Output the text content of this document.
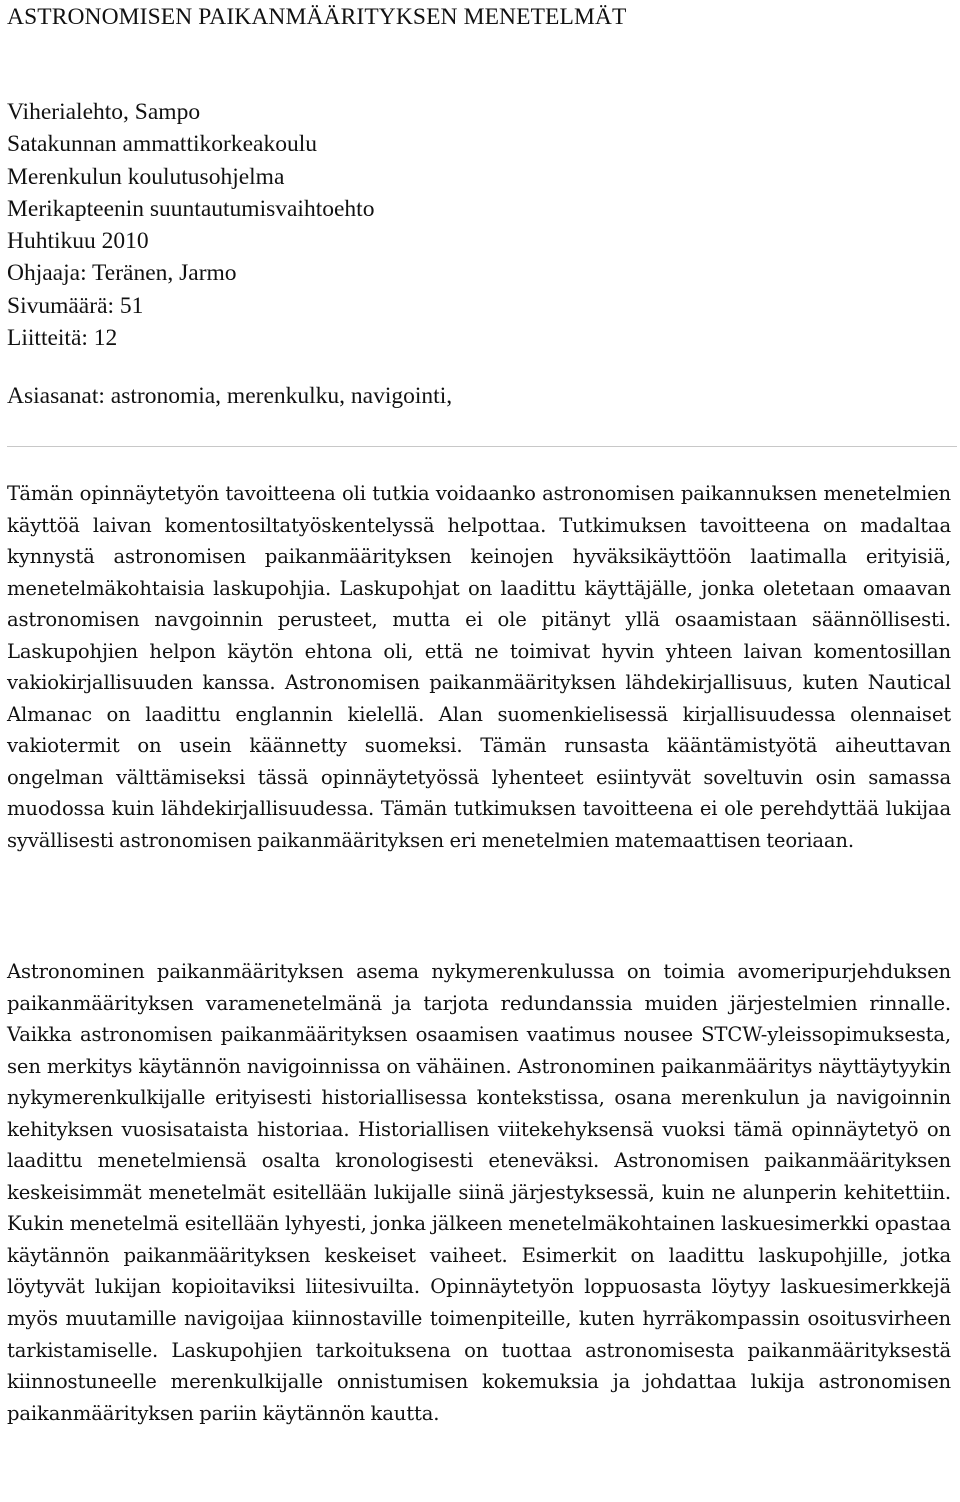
ASTRONOMISEN PAIKANMÄÄRITYKSEN MENETELMÄT
Viherialehto, Sampo
Satakunnan ammattikorkeakoulu
Merenkulun koulutusohjelma
Merikapteenin suuntautumisvaihtoehto
Huhtikuu 2010
Ohjaaja: Teränen, Jarmo
Sivumäärä: 51
Liitteitä: 12

Asiasanat: astronomia, merenkulku, navigointi,

Tämän opinnäytetyön tavoitteena oli tutkia voidaanko astronomisen paikannuksen menetelmien käyttöä laivan komentosiltatyöskentelyssä helpottaa. Tutkimuksen tavoitteena on madaltaa kynnystä astronomisen paikanmäärityksen keinojen hyväksikäyttöön laatimalla erityisiä, menetelmäkohtaisia laskupohjia. Laskupohjat on laadittu käyttäjälle, jonka oletetaan omaavan astronomisen navgoinnin perusteet, mutta ei ole pitänyt yllä osaamistaan säännöllisesti. Laskupohjien helpon käytön ehtona oli, että ne toimivat hyvin yhteen laivan komentosillan vakiokirjallisuuden kanssa. Astronomisen paikanmäärityksen lähdekirjallisuus, kuten Nautical Almanac on laadittu englannin kielellä. Alan suomenkielisessä kirjallisuudessa olennaiset vakiotermit on usein käännetty suomeksi. Tämän runsasta kääntämistyötä aiheuttavan ongelman välttämiseksi tässä opinnäytetyössä lyhenteet esiintyvät soveltuvin osin samassa muodossa kuin lähdekirjallisuudessa. Tämän tutkimuksen tavoitteena ei ole perehdyttää lukijaa syvällisesti astronomisen paikanmäärityksen eri menetelmien matemaattisen teoriaan.

Astronominen paikanmäärityksen asema nykymerenkulussa on toimia avomeripurjehduksen paikanmäärityksen varamenetelmänä ja tarjota redundanssia muiden järjestelmien rinnalle. Vaikka astronomisen paikanmäärityksen osaamisen vaatimus nousee STCW-yleissopimuksesta, sen merkitys käytännön navigoinnissa on vähäinen. Astronominen paikanmääritys näyttäytyykin nykymerenkulkijalle erityisesti historiallisessa kontekstissa, osana merenkulun ja navigoinnin kehityksen vuosisataista historiaa. Historiallisen viitekehyksensä vuoksi tämä opinnäytetyö on laadittu menetelmiensä osalta kronologisesti eteneväksi. Astronomisen paikanmäärityksen keskeisimmät menetelmät esitellään lukijalle siinä järjestyksessä, kuin ne alunperin kehitettiin. Kukin menetelmä esitellään lyhyesti, jonka jälkeen menetelmäkohtainen laskuesimerkki opastaa käytännön paikanmäärityksen keskeiset vaiheet. Esimerkit on laadittu laskupohjille, jotka löytyvät lukijan kopioitaviksi liitesivuilta. Opinnäytetyön loppuosasta löytyy laskuesimerkkejä myös muutamille navigoijaa kiinnostaville toimenpiteille, kuten hyrräkompassin osoitusvirheen tarkistamiselle. Laskupohjien tarkoituksena on tuottaa astronomisesta paikanmäärityksestä kiinnostuneelle merenkulkijalle onnistumisen kokemuksia ja johdattaa lukija astronomisen paikanmäärityksen pariin käytännön kautta.
